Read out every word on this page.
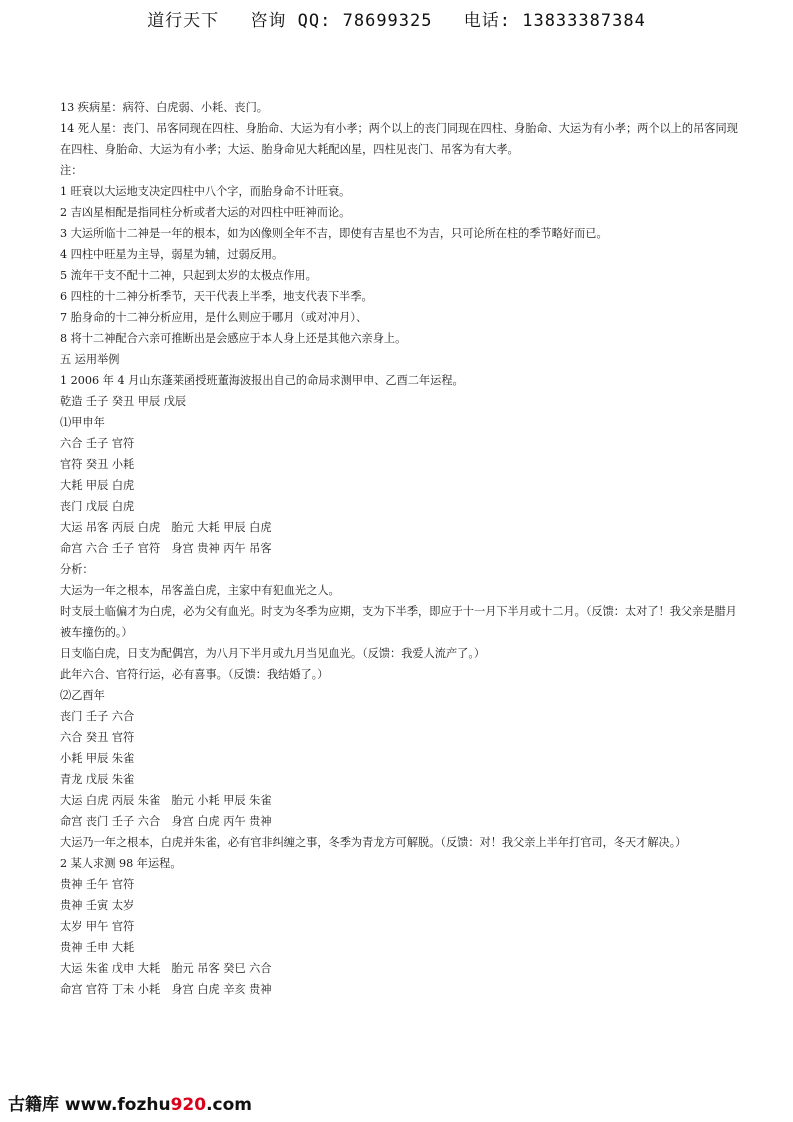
道行天下 咨询 QQ: 78699325 电话: 13833387384
13 疾病星：病符、白虎弱、小耗、丧门。
14 死人星：丧门、吊客同现在四柱、身胎命、大运为有小孝；两个以上的丧门同现在四柱、身胎命、大运为有小孝；两个以上的吊客同现在四柱、身胎命、大运为有小孝；大运、胎身命见大耗配凶星，四柱见丧门、吊客为有大孝。
注：
1 旺衰以大运地支决定四柱中八个字，而胎身命不计旺衰。
2 吉凶星相配是指同柱分析或者大运的对四柱中旺神而论。
3 大运所临十二神是一年的根本，如为凶像则全年不吉，即使有吉星也不为吉，只可论所在柱的季节略好而已。
4 四柱中旺星为主导，弱星为辅，过弱反用。
5 流年干支不配十二神，只起到太岁的太极点作用。
6 四柱的十二神分析季节，天干代表上半季，地支代表下半季。
7 胎身命的十二神分析应用，是什么则应于哪月（或对冲月）、
8 将十二神配合六亲可推断出是会感应于本人身上还是其他六亲身上。
五 运用举例
1 2006 年 4 月山东蓬莱函授班董海波报出自己的命局求测甲申、乙酉二年运程。
乾造 壬子 癸丑 甲辰 戊辰
⑴甲申年
六合 壬子 官符
官符 癸丑 小耗
大耗 甲辰 白虎
丧门 戊辰 白虎
大运 吊客 丙辰 白虎　胎元 大耗 甲辰 白虎
命宫 六合 壬子 官符　身宫 贵神 丙午 吊客
分析：
大运为一年之根本，吊客盖白虎，主家中有犯血光之人。
时支辰土临偏才为白虎，必为父有血光。时支为冬季为应期，支为下半季，即应于十一月下半月或十二月。（反馈：太对了！我父亲是腊月被车撞伤的。）
日支临白虎，日支为配偶宫，为八月下半月或九月当见血光。（反馈：我爱人流产了。）
此年六合、官符行运，必有喜事。（反馈：我结婚了。）
⑵乙酉年
丧门 壬子 六合
六合 癸丑 官符
小耗 甲辰 朱雀
青龙 戊辰 朱雀
大运 白虎 丙辰 朱雀　胎元 小耗 甲辰 朱雀
命宫 丧门 壬子 六合　身宫 白虎 丙午 贵神
大运乃一年之根本，白虎并朱雀，必有官非纠缠之事，冬季为青龙方可解脱。（反馈：对！我父亲上半年打官司，冬天才解决。）
2 某人求测 98 年运程。
贵神 壬午 官符
贵神 壬寅 太岁
太岁 甲午 官符
贵神 壬申 大耗
大运 朱雀 戊申 大耗　胎元 吊客 癸巳 六合
命宫 官符 丁未 小耗　身宫 白虎 辛亥 贵神
古籍库 www.fozhu920.com
